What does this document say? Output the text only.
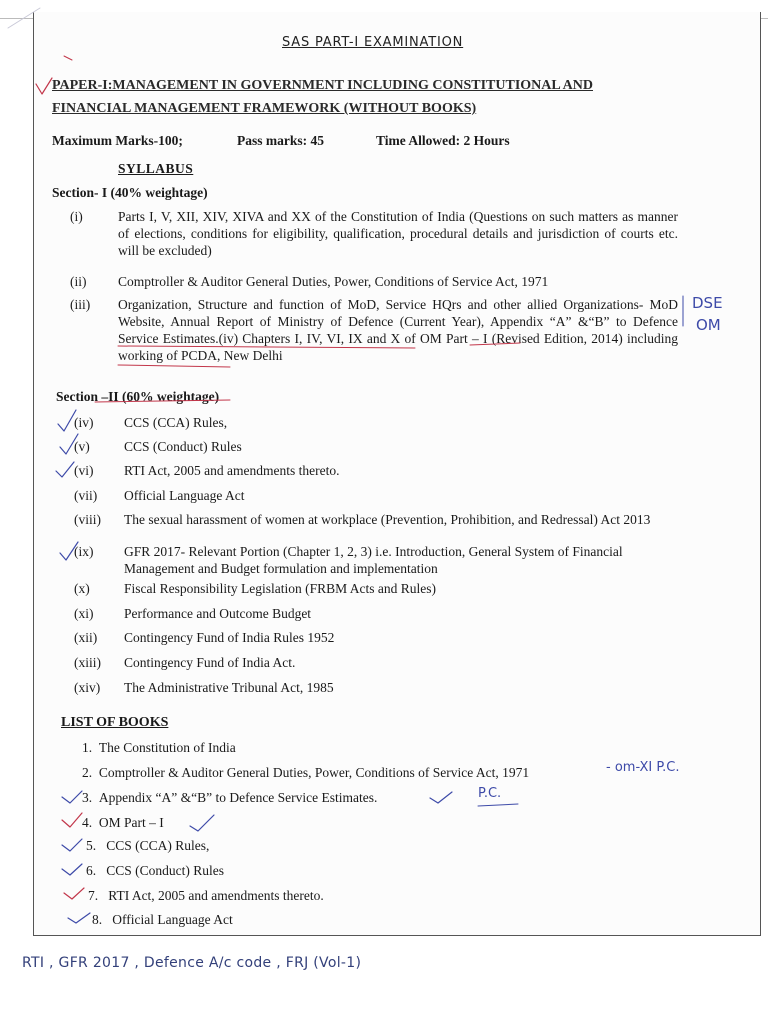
SAS PART-I EXAMINATION
PAPER-I:MANAGEMENT IN GOVERNMENT INCLUDING CONSTITUTIONAL AND
FINANCIAL MANAGEMENT FRAMEWORK (WITHOUT BOOKS)
Maximum Marks-100;	Pass marks: 45	Time Allowed: 2 Hours
SYLLABUS
Section- I (40% weightage)
(i)	Parts I, V, XII, XIV, XIVA and XX of the Constitution of India (Questions on such matters as manner of elections, conditions for eligibility, qualification, procedural details and jurisdiction of courts etc. will be excluded)
(ii)	Comptroller & Auditor General Duties, Power, Conditions of Service Act, 1971
(iii)	Organization, Structure and function of MoD, Service HQrs and other allied Organizations- MoD Website, Annual Report of Ministry of Defence (Current Year), Appendix “A” &“B” to Defence Service Estimates.(iv) Chapters I, IV, VI, IX and X of OM Part – I (Revised Edition, 2014) including working of PCDA, New Delhi
Section –II (60% weightage)
(iv) CCS (CCA) Rules,
(v)	CCS (Conduct) Rules
(vi) RTI Act, 2005 and amendments thereto.
(vii) Official Language Act
(viii) The sexual harassment of women at workplace (Prevention, Prohibition, and Redressal) Act 2013
(ix) GFR 2017- Relevant Portion (Chapter 1, 2, 3) i.e. Introduction, General System of Financial Management and Budget formulation and implementation
(x)	Fiscal Responsibility Legislation (FRBM Acts and Rules)
(xi) Performance and Outcome Budget
(xii) Contingency Fund of India Rules 1952
(xiii) Contingency Fund of India Act.
(xiv) The Administrative Tribunal Act, 1985
LIST OF BOOKS
1. The Constitution of India
2. Comptroller & Auditor General Duties, Power, Conditions of Service Act, 1971
3. Appendix “A” &“B” to Defence Service Estimates.
4. OM Part – I
5. CCS (CCA) Rules,
6. CCS (Conduct) Rules
7. RTI Act, 2005 and amendments thereto.
8. Official Language Act
DSE
OM
- om-XI P.C.
P.C.
RTI , GFR 2017 , Defence A/c code , FRJ (Vol-1)
